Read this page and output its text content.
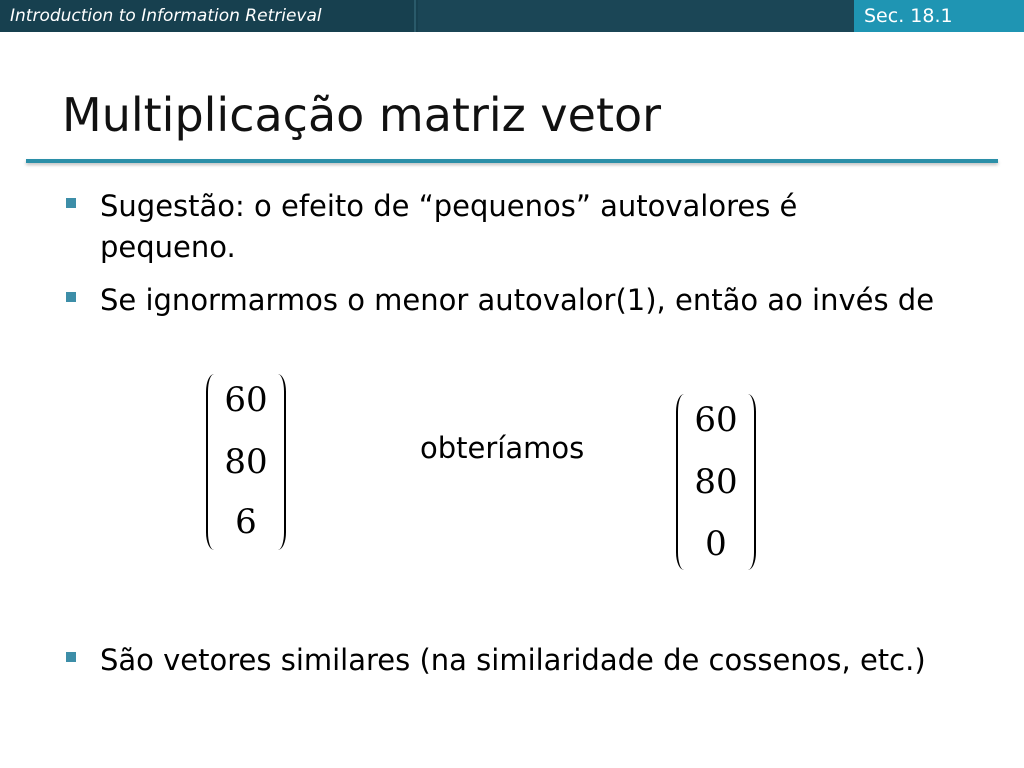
Introduction to Information Retrieval	Sec. 18.1
Multiplicação matriz vetor
Sugestão: o efeito de “pequenos” autovalores é pequeno.
Se ignormarmos o menor autovalor(1), então ao invés de
60
80
6
obteríamos
60
80
0
São vetores similares (na similaridade de cossenos, etc.)
